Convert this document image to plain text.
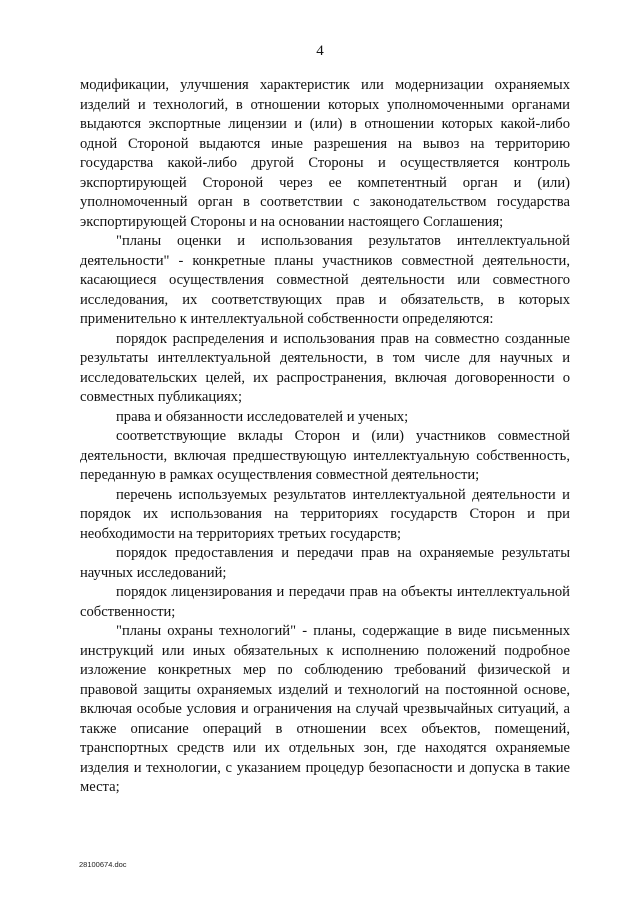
4

модификации, улучшения характеристик или модернизации охраняемых изделий и технологий, в отношении которых уполномоченными органами выдаются экспортные лицензии и (или) в отношении которых какой-либо одной Стороной выдаются иные разрешения на вывоз на территорию государства какой-либо другой Стороны и осуществляется контроль экспортирующей Стороной через ее компетентный орган и (или) уполномоченный орган в соответствии с законодательством государства экспортирующей Стороны и на основании настоящего Соглашения;

"планы оценки и использования результатов интеллектуальной деятельности" - конкретные планы участников совместной деятельности, касающиеся осуществления совместной деятельности или совместного исследования, их соответствующих прав и обязательств, в которых применительно к интеллектуальной собственности определяются:

порядок распределения и использования прав на совместно созданные результаты интеллектуальной деятельности, в том числе для научных и исследовательских целей, их распространения, включая договоренности о совместных публикациях;

права и обязанности исследователей и ученых;

соответствующие вклады Сторон и (или) участников совместной деятельности, включая предшествующую интеллектуальную собственность, переданную в рамках осуществления совместной деятельности;

перечень используемых результатов интеллектуальной деятельности и порядок их использования на территориях государств Сторон и при необходимости на территориях третьих государств;

порядок предоставления и передачи прав на охраняемые результаты научных исследований;

порядок лицензирования и передачи прав на объекты интеллектуальной собственности;

"планы охраны технологий" - планы, содержащие в виде письменных инструкций или иных обязательных к исполнению положений подробное изложение конкретных мер по соблюдению требований физической и правовой защиты охраняемых изделий и технологий на постоянной основе, включая особые условия и ограничения на случай чрезвычайных ситуаций, а также описание операций в отношении всех объектов, помещений, транспортных средств или их отдельных зон, где находятся охраняемые изделия и технологии, с указанием процедур безопасности и допуска в такие места;

28100674.doc
